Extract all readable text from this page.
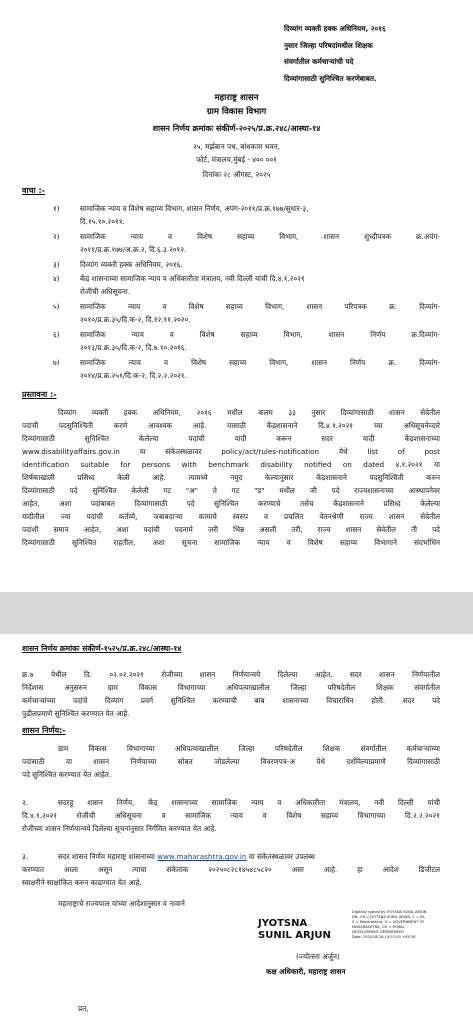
दिव्यांग व्यक्ती हक्क अधिनियम, २०१६
नुसार जिल्हा परिषदांमधील शिक्षक
संवर्गातील कर्मचाऱ्यांची पदे
दिव्यांगासाठी सुनिश्चित करणेबाबत.
महाराष्ट्र शासन
ग्राम विकास विभाग
शासन निर्णय क्रमांकः संकीर्ण-२०२५/प्र.क्र.२४८/आस्था-१४
२५, मर्झबान पथ, बांधकाम भवन,
फोर्ट, मंत्रालय,मुंबई - ४०० ००१
दिनांकः २८ ऑगस्ट, २०२५
वाचा :-
१)	सामाजिक न्याय व विशेष सहाय्य विभाग, शासन निर्णय, अपंग-२०११/प्र.क्र.१७७/सुधार-३,
दि.१५.१०.२०११.
२)	सामाजिक न्याय व विशेष सहाय्य विभाग, शासन शुध्दीपत्रक क्र.अपंग-
२०११/प्र.क्र.१७७/अ.क्र.२, दि.६.३.२०१२.
३)	दिव्यांग व्यक्ती हक्क अधिनियम, २०१६.
४)	केंद्र शासनाच्या सामाजिक न्याय व अधिकारीता मंत्रालय, नवी दिल्ली यांची दि.४.१.२०२१
रोजीची अधिसूचना.
५)	सामाजिक न्याय व विशेष सहाय्य विभाग, शासन परिपत्रक क्र. दिव्यांग-
२०१०/प्र.क्र.३५/दि.क-२, दि.१२.११.२०२०.
६)	सामाजिक न्याय व विशेष सहाय्य विभाग, शासन निर्णय क्र.दिव्यांग-
२०१३/प्र.क्र.३५/दि.क-२, दि.७.१०.२०१६.
७)	सामाजिक न्याय व विशेष सहाय्य विभाग, शासन निर्णय क्र. दिव्यांग-
२०१४/प्र.क्र.२५१/दि.क-२, दि.२.२.२०२१.
प्रस्तावना :-
दिव्यांग व्यक्ती हक्क अधिनियम, २०१६ मधील कलम ३३ नुसार दिव्यांगासाठी शासन सेवेतील
पदांची पदसुनिश्चिती करणे आवश्यक आहे. यासाठी केंद्रशासनाने दि.४.१.२०२१ च्या अधिसूचनेव्दारे
दिव्यांगासाठी सुनिश्चित केलेल्या पदांची यादी करून सदर यादी केंद्रशासनाच्या
www.disabilityaffairs.gov.in या संकेतस्थळावर policy/act/rules-notification येथे list of post
identification suitable for persons with benchmark disability notified on dated ४.१.२०२१ या
शिर्षकाखाली प्रसिध्द केली आहे. त्यामध्ये नमुद केल्यानुसार केंद्रशासनाने पदसुनिश्चिती करुन
दिव्यांगासाठी पदे सुनिश्चित केलेली गट "अ" ते गट "ड" मधील जी पदे राज्यशासनाच्या आस्थापनेवर
आहेत, अशा पदांबाबत दिव्यांगासाठी पदे सुनिश्चित करण्याचे तसेच केंद्रशासनाने प्रसिध्द केलेल्या
यादीतील ज्या पदांची कर्तव्ये, जबाबदाऱ्या कामाचे स्वरुप व प्रचलित वेतनश्रेणी राज्य शासन सेवेतील
पदांशी समान आहेत, अशा पदांची पदनामे जरी भिन्न असली तरी, राज्य शासन सेवेतील ती पदे
दिव्यांगासाठी सुनिश्चित राहतील, अशा सूचना सामाजिक न्याय व विशेष सहाय्य विभागाने संदर्भाधिन
शासन निर्णय क्रमांकः संकीर्ण-१५२५/प्र.क्र.२४८/आस्था-१४
क्र.७ येथील दि. ०२.०२.२०२१ रोजीच्या शासन निर्णयान्वये दिलेल्या आहेत. सदर शासन निर्णयातील
निर्देशास अनुसरुन ग्राम विकास विभागाच्या अधिपत्याखालील जिल्हा परिषदेतील शिक्षक संवर्गातील
कर्मचाऱ्यांच्या पदांचे दिव्यांग प्रवर्ग सुनिश्चित करण्याची बाब शासनाच्या विचाराधिन होती. सदर पदे
पुढीलप्रमाणे सुनिश्चित करण्यात येत आहे.
शासन निर्णय:-
ग्राम विकास विभागाच्या अधिपत्याखालील जिल्हा परिषदेतील शिक्षक संवर्गातील कर्मचाऱ्यांच्या
पदांसाठी या शासन निर्णयाच्या सोबत जोडलेल्या विवरणपत्र-अ येथे दर्शविल्याप्रमाणे दिव्यांगासाठी
पदे सुनिश्चित करण्यात येत आहेत.
२.	सदरहू शासन निर्णय, केंद्र शासनाच्या सामाजिक न्याय व अधिकारीता मंत्रालय, नवी दिल्ली यांची
दि.४.१.२०२१ रोजीची अधिसूचना व सामाजिक न्याय व विशेष सहाय्य विभागाच्या दि.२.२.२०२१
रोजीच्या शासन निर्णयान्वये दिलेल्या सूचनांनुसार निर्गमित करण्यात येत आहे.
३.	सदर शासन निर्णय महाराष्ट्र शासनाच्या www.maharashtra.gov.in या संकेतस्थळावर उपलब्ध
करण्यात आला असून त्याचा संकेतांक २०२५०८२८१४५४८५८२० असा आहे. हा आदेश डिजीटल
स्वाक्षरीने साक्षांकित करुन काढण्यात येत आहे.
महाराष्ट्राचे राज्यपाल यांच्या आदेशानुसार व नावाने
JYOTSNA
SUNIL ARJUN
Digitally signed by JYOTSNA SUNIL ARJUN
DN: CN = JYOTSNA SUNIL ARJUN, C = IN,
S = Maharashtra, O = GOVERNMENT OF
MAHARASHTRA, OU = RURAL
DEVELOPMENT DEPARTMENT
Date: 2025.08.28 14:57:03 +05'30'
(ज्योत्स्ना अर्जुन)
कक्ष अधिकारी, महाराष्ट्र शासन
प्रत,
